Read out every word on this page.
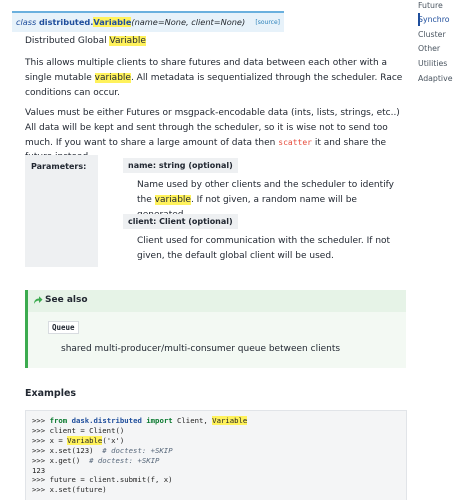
class distributed.Variable(name=None, client=None) [source]
Distributed Global Variable
This allows multiple clients to share futures and data between each other with a single mutable variable. All metadata is sequentialized through the scheduler. Race conditions can occur.
Values must be either Futures or msgpack-encodable data (ints, lists, strings, etc..) All data will be kept and sent through the scheduler, so it is wise not to send too much. If you want to share a large amount of data then scatter it and share the
Parameters:	name: string (optional)
Name used by other clients and the scheduler to identify the variable. If not given, a random name will be
client: Client (optional)
Client used for communication with the scheduler. If not given, the default global client will be used.
See also
Queue
shared multi-producer/multi-consumer queue between clients
Examples
>>> from dask.distributed import Client, Variable
>>> client = Client()
>>> x = Variable('x')
>>> x.set(123)  # doctest: +SKIP
>>> x.get()  # doctest: +SKIP
123
>>> future = client.submit(f, x)
>>> x.set(future)
Future
Synchro
Cluster
Other
Utilities
Adaptive
